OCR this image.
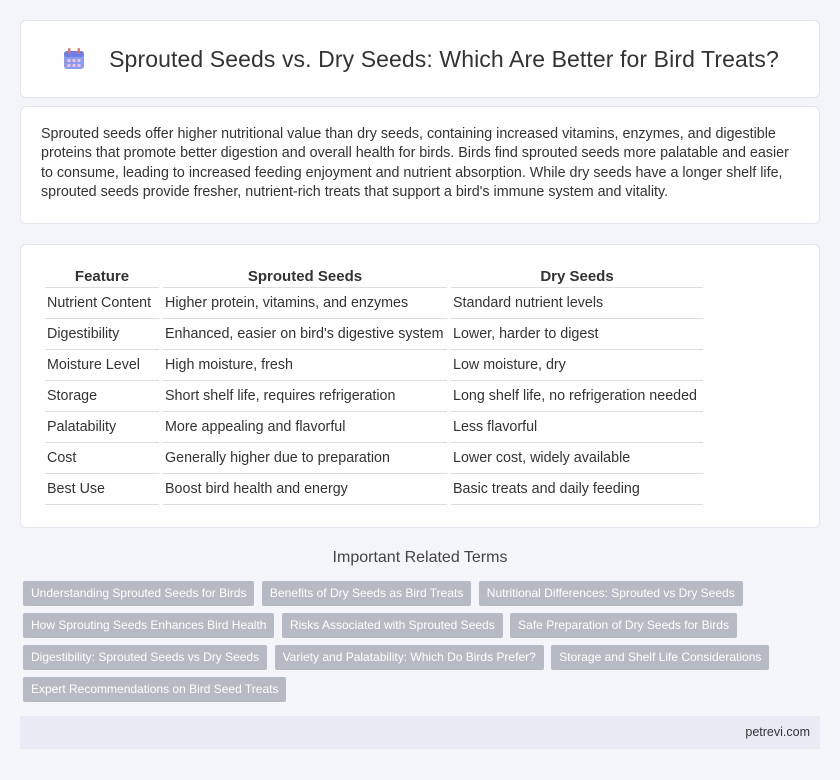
Sprouted Seeds vs. Dry Seeds: Which Are Better for Bird Treats?

Sprouted seeds offer higher nutritional value than dry seeds, containing increased vitamins, enzymes, and digestible proteins that promote better digestion and overall health for birds. Birds find sprouted seeds more palatable and easier to consume, leading to increased feeding enjoyment and nutrient absorption. While dry seeds have a longer shelf life, sprouted seeds provide fresher, nutrient-rich treats that support a bird's immune system and vitality.

Feature	Sprouted Seeds	Dry Seeds
Nutrient Content	Higher protein, vitamins, and enzymes	Standard nutrient levels
Digestibility	Enhanced, easier on bird's digestive system	Lower, harder to digest
Moisture Level	High moisture, fresh	Low moisture, dry
Storage	Short shelf life, requires refrigeration	Long shelf life, no refrigeration needed
Palatability	More appealing and flavorful	Less flavorful
Cost	Generally higher due to preparation	Lower cost, widely available
Best Use	Boost bird health and energy	Basic treats and daily feeding
Important Related Terms
Understanding Sprouted Seeds for Birds Benefits of Dry Seeds as Bird Treats Nutritional Differences: Sprouted vs Dry Seeds How Sprouting Seeds Enhances Bird Health Risks Associated with Sprouted Seeds Safe Preparation of Dry Seeds for Birds Digestibility: Sprouted Seeds vs Dry Seeds Variety and Palatability: Which Do Birds Prefer? Storage and Shelf Life Considerations Expert Recommendations on Bird Seed Treats
petrevi.com
